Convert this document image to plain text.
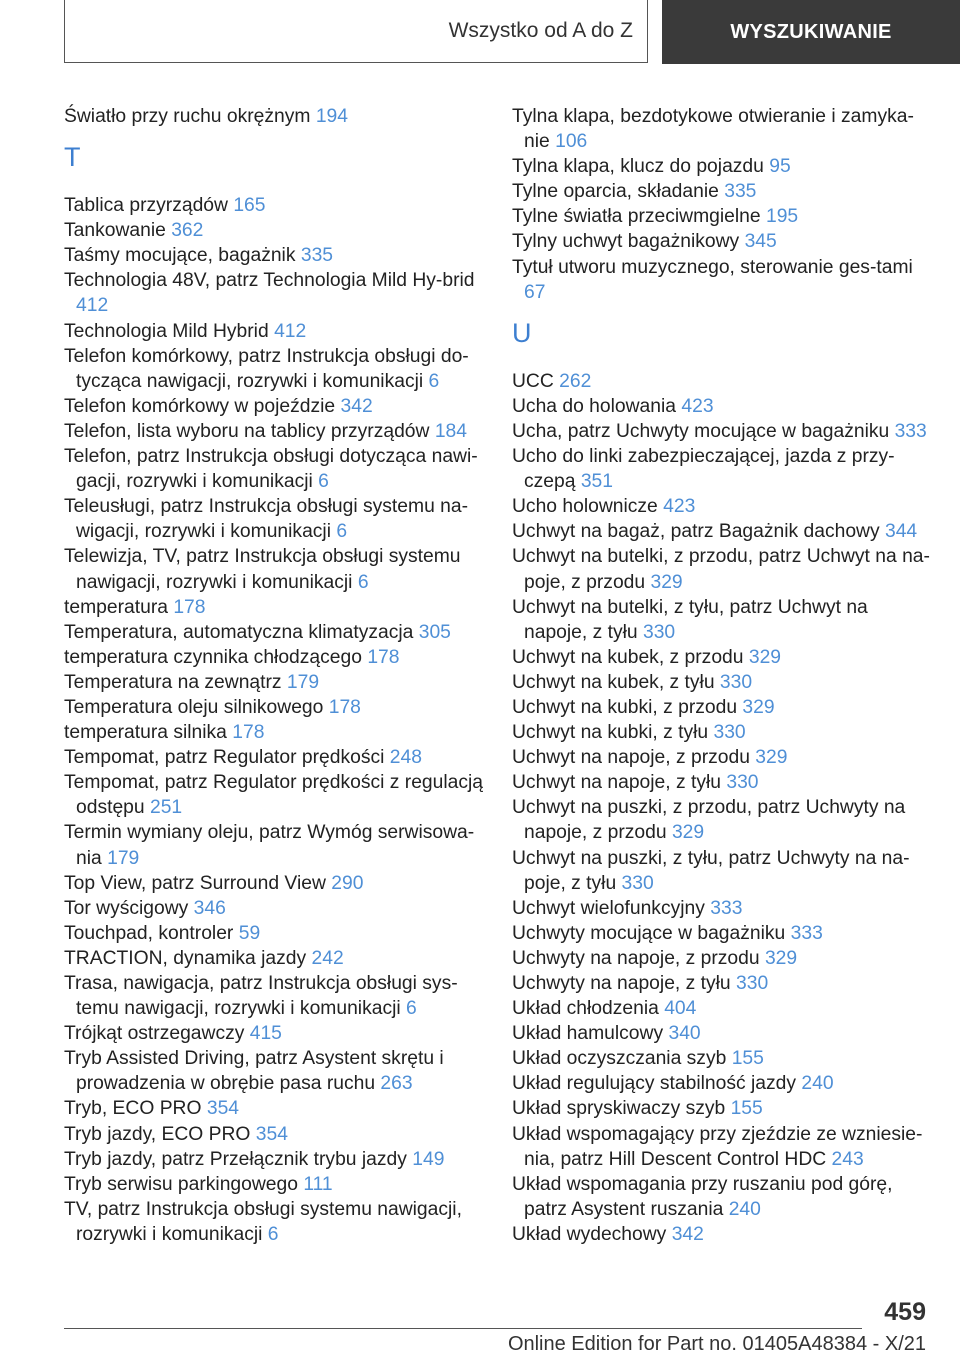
Wszystko od A do Z	WYSZUKIWANIE
Światło przy ruchu okrężnym 194
T
Tablica przyrządów 165
Tankowanie 362
Taśmy mocujące, bagażnik 335
Technologia 48V, patrz Technologia Mild Hy‐brid 412
Technologia Mild Hybrid 412
Telefon komórkowy, patrz Instrukcja obsługi do‐tycząca nawigacji, rozrywki i komunikacji 6
Telefon komórkowy w pojeździe 342
Telefon, lista wyboru na tablicy przyrządów 184
Telefon, patrz Instrukcja obsługi dotycząca nawi‐gacji, rozrywki i komunikacji 6
Teleusługi, patrz Instrukcja obsługi systemu na‐wigacji, rozrywki i komunikacji 6
Telewizja, TV, patrz Instrukcja obsługi systemu nawigacji, rozrywki i komunikacji 6
temperatura 178
Temperatura, automatyczna klimatyzacja 305
temperatura czynnika chłodzącego 178
Temperatura na zewnątrz 179
Temperatura oleju silnikowego 178
temperatura silnika 178
Tempomat, patrz Regulator prędkości 248
Tempomat, patrz Regulator prędkości z regulacją odstępu 251
Termin wymiany oleju, patrz Wymóg serwisowa‐nia 179
Top View, patrz Surround View 290
Tor wyścigowy 346
Touchpad, kontroler 59
TRACTION, dynamika jazdy 242
Trasa, nawigacja, patrz Instrukcja obsługi sys‐temu nawigacji, rozrywki i komunikacji 6
Trójkąt ostrzegawczy 415
Tryb Assisted Driving, patrz Asystent skrętu i prowadzenia w obrębie pasa ruchu 263
Tryb, ECO PRO 354
Tryb jazdy, ECO PRO 354
Tryb jazdy, patrz Przełącznik trybu jazdy 149
Tryb serwisu parkingowego 111
TV, patrz Instrukcja obsługi systemu nawigacji, rozrywki i komunikacji 6
Tylna klapa, bezdotykowe otwieranie i zamyka‐nie 106
Tylna klapa, klucz do pojazdu 95
Tylne oparcia, składanie 335
Tylne światła przeciwmgielne 195
Tylny uchwyt bagażnikowy 345
Tytuł utworu muzycznego, sterowanie ges‐tami 67
U
UCC 262
Ucha do holowania 423
Ucha, patrz Uchwyty mocujące w bagażniku 333
Ucho do linki zabezpieczającej, jazda z przy‐czepą 351
Ucho holownicze 423
Uchwyt na bagaż, patrz Bagażnik dachowy 344
Uchwyt na butelki, z przodu, patrz Uchwyt na na‐poje, z przodu 329
Uchwyt na butelki, z tyłu, patrz Uchwyt na napoje, z tyłu 330
Uchwyt na kubek, z przodu 329
Uchwyt na kubek, z tyłu 330
Uchwyt na kubki, z przodu 329
Uchwyt na kubki, z tyłu 330
Uchwyt na napoje, z przodu 329
Uchwyt na napoje, z tyłu 330
Uchwyt na puszki, z przodu, patrz Uchwyty na napoje, z przodu 329
Uchwyt na puszki, z tyłu, patrz Uchwyty na na‐poje, z tyłu 330
Uchwyt wielofunkcyjny 333
Uchwyty mocujące w bagażniku 333
Uchwyty na napoje, z przodu 329
Uchwyty na napoje, z tyłu 330
Układ chłodzenia 404
Układ hamulcowy 340
Układ oczyszczania szyb 155
Układ regulujący stabilność jazdy 240
Układ spryskiwaczy szyb 155
Układ wspomagający przy zjeździe ze wzniesie‐nia, patrz Hill Descent Control HDC 243
Układ wspomagania przy ruszaniu pod górę, patrz Asystent ruszania 240
Układ wydechowy 342
459
Online Edition for Part no. 01405A48384 - X/21
